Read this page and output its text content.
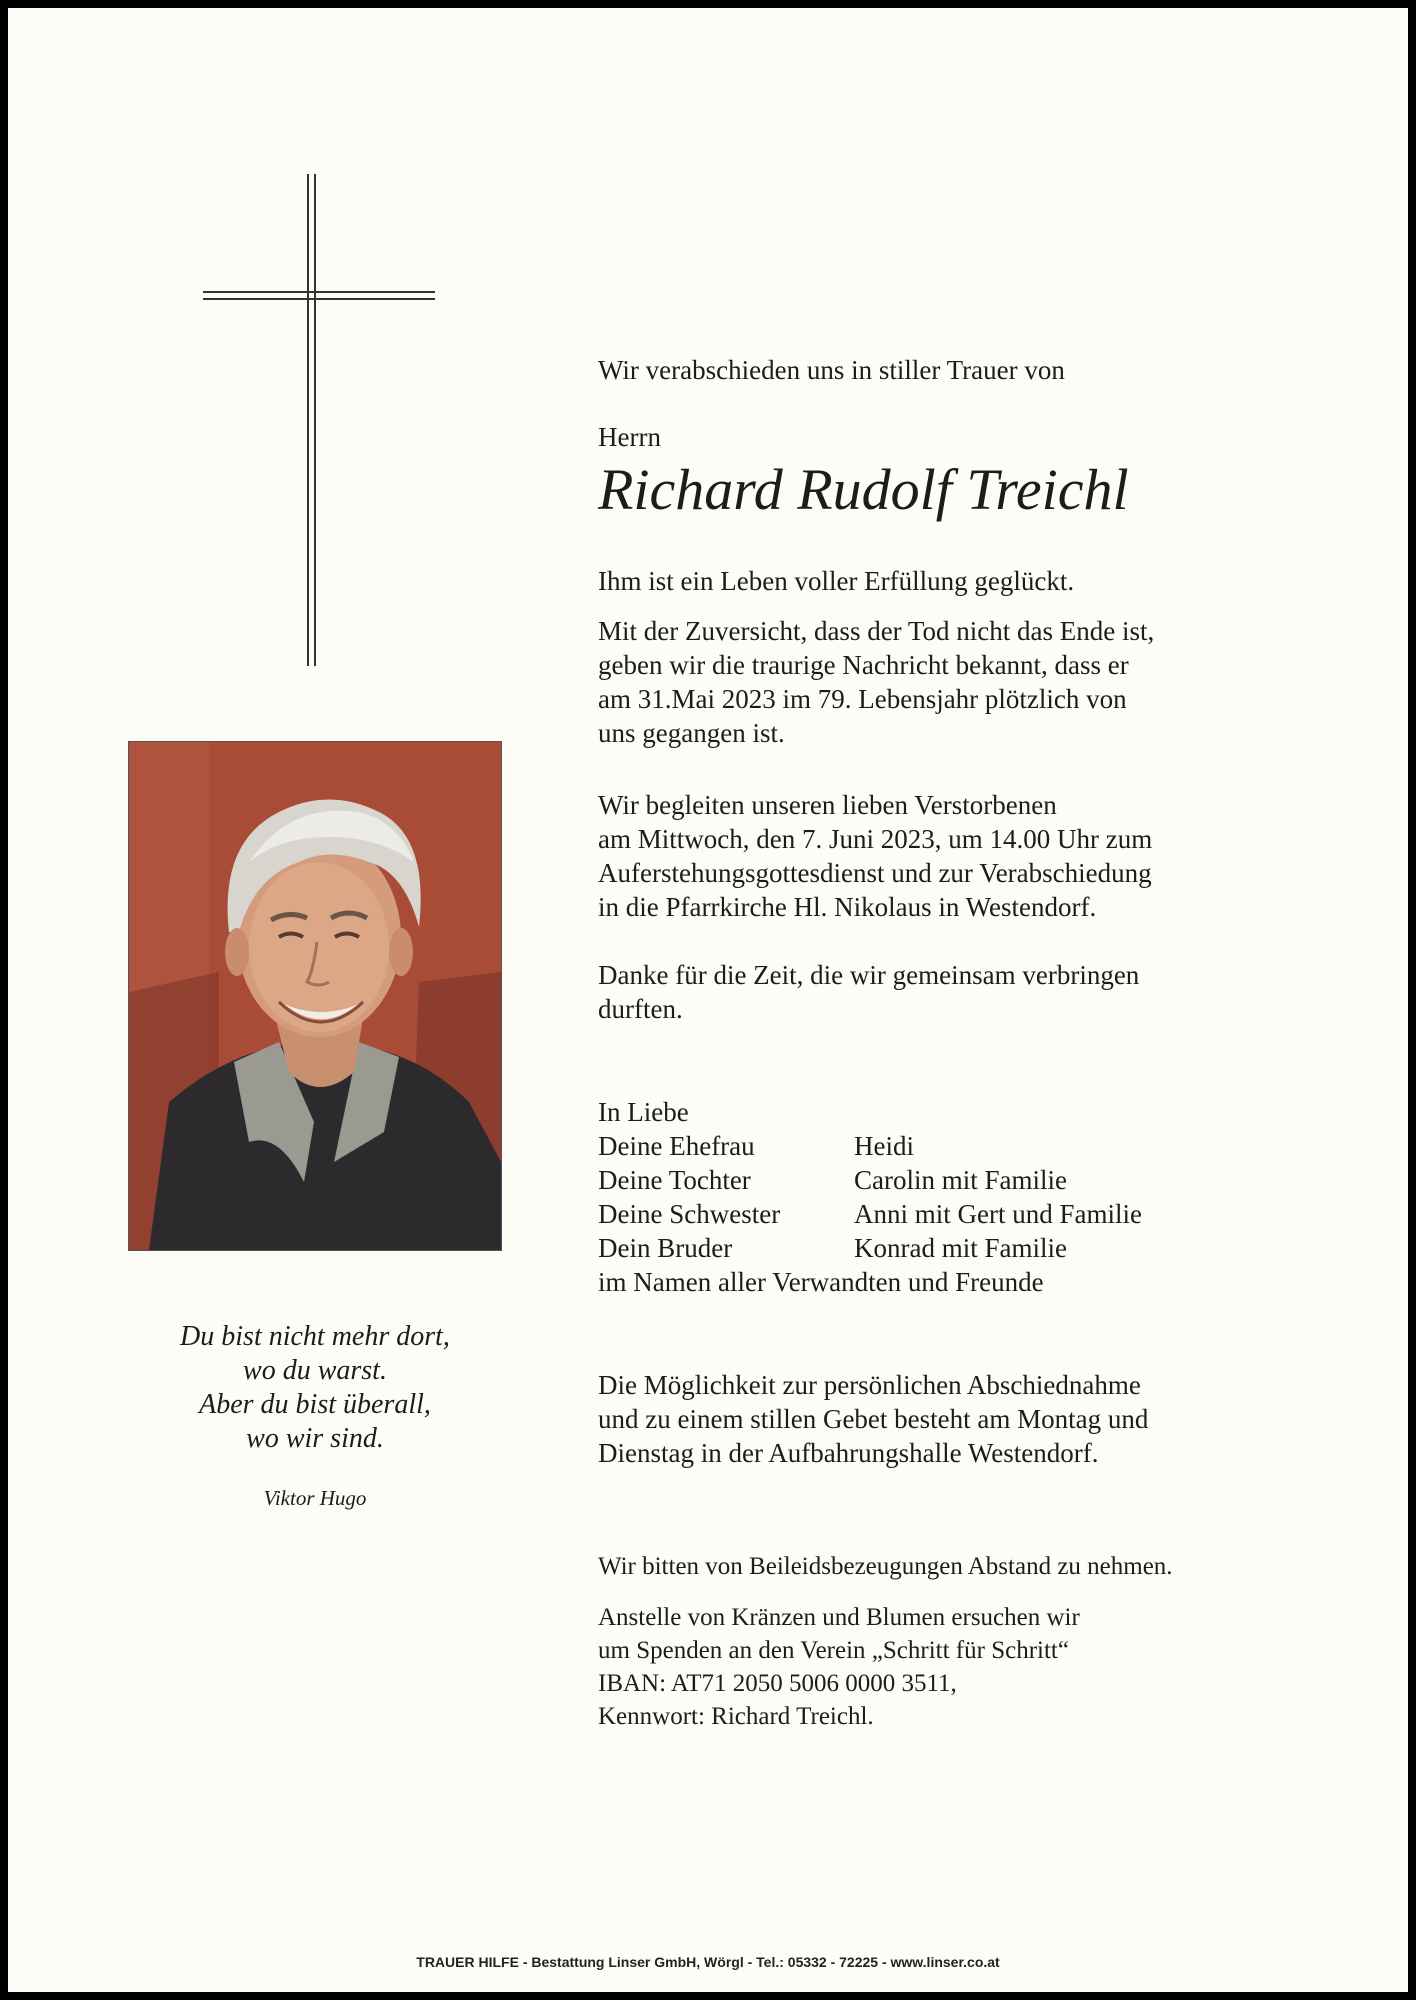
Du bist nicht mehr dort,
wo du warst.
Aber du bist überall,
wo wir sind.
Viktor Hugo
Wir verabschieden uns in stiller Trauer von
Herrn
Richard Rudolf Treichl
Ihm ist ein Leben voller Erfüllung geglückt.
Mit der Zuversicht, dass der Tod nicht das Ende ist,
geben wir die traurige Nachricht bekannt, dass er
am 31.Mai 2023 im 79. Lebensjahr plötzlich von
uns gegangen ist.
Wir begleiten unseren lieben Verstorbenen
am Mittwoch, den 7. Juni 2023, um 14.00 Uhr zum
Auferstehungsgottesdienst und zur Verabschiedung
in die Pfarrkirche Hl. Nikolaus in Westendorf.
Danke für die Zeit, die wir gemeinsam verbringen
durften.
In Liebe
Deine Ehefrau	Heidi
Deine Tochter	Carolin mit Familie
Deine Schwester	Anni mit Gert und Familie
Dein Bruder	Konrad mit Familie
im Namen aller Verwandten und Freunde
Die Möglichkeit zur persönlichen Abschiednahme
und zu einem stillen Gebet besteht am Montag und
Dienstag in der Aufbahrungshalle Westendorf.
Wir bitten von Beileidsbezeugungen Abstand zu nehmen.
Anstelle von Kränzen und Blumen ersuchen wir
um Spenden an den Verein „Schritt für Schritt“
IBAN: AT71 2050 5006 0000 3511,
Kennwort: Richard Treichl.
TRAUER HILFE - Bestattung Linser GmbH, Wörgl - Tel.: 05332 - 72225 - www.linser.co.at
